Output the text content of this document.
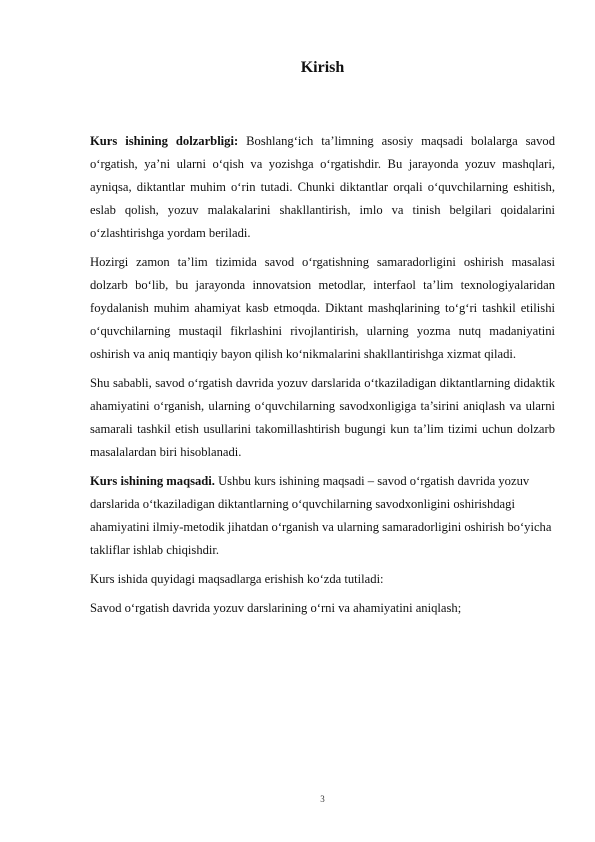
Kirish

Kurs ishining dolzarbligi: Boshlang‘ich ta’limning asosiy maqsadi bolalarga savod o‘rgatish, ya’ni ularni o‘qish va yozishga o‘rgatishdir. Bu jarayonda yozuv mashqlari, ayniqsa, diktantlar muhim o‘rin tutadi. Chunki diktantlar orqali o‘quvchilarning eshitish, eslab qolish, yozuv malakalarini shakllantirish, imlo va tinish belgilari qoidalarini o‘zlashtirishga yordam beriladi.

Hozirgi zamon ta’lim tizimida savod o‘rgatishning samaradorligini oshirish masalasi dolzarb bo‘lib, bu jarayonda innovatsion metodlar, interfaol ta’lim texnologiyalaridan foydalanish muhim ahamiyat kasb etmoqda. Diktant mashqlarining to‘g‘ri tashkil etilishi o‘quvchilarning mustaqil fikrlashini rivojlantirish, ularning yozma nutq madaniyatini oshirish va aniq mantiqiy bayon qilish ko‘nikmalarini shakllantirishga xizmat qiladi.

Shu sababli, savod o‘rgatish davrida yozuv darslarida o‘tkaziladigan diktantlarning didaktik ahamiyatini o‘rganish, ularning o‘quvchilarning savodxonligiga ta’sirini aniqlash va ularni samarali tashkil etish usullarini takomillashtirish bugungi kun ta’lim tizimi uchun dolzarb masalalardan biri hisoblanadi.

Kurs ishining maqsadi. Ushbu kurs ishining maqsadi – savod o‘rgatish davrida yozuv darslarida o‘tkaziladigan diktantlarning o‘quvchilarning savodxonligini oshirishdagi ahamiyatini ilmiy-metodik jihatdan o‘rganish va ularning samaradorligini oshirish bo‘yicha takliflar ishlab chiqishdir.

Kurs ishida quyidagi maqsadlarga erishish ko‘zda tutiladi:

Savod o‘rgatish davrida yozuv darslarining o‘rni va ahamiyatini aniqlash;

3
